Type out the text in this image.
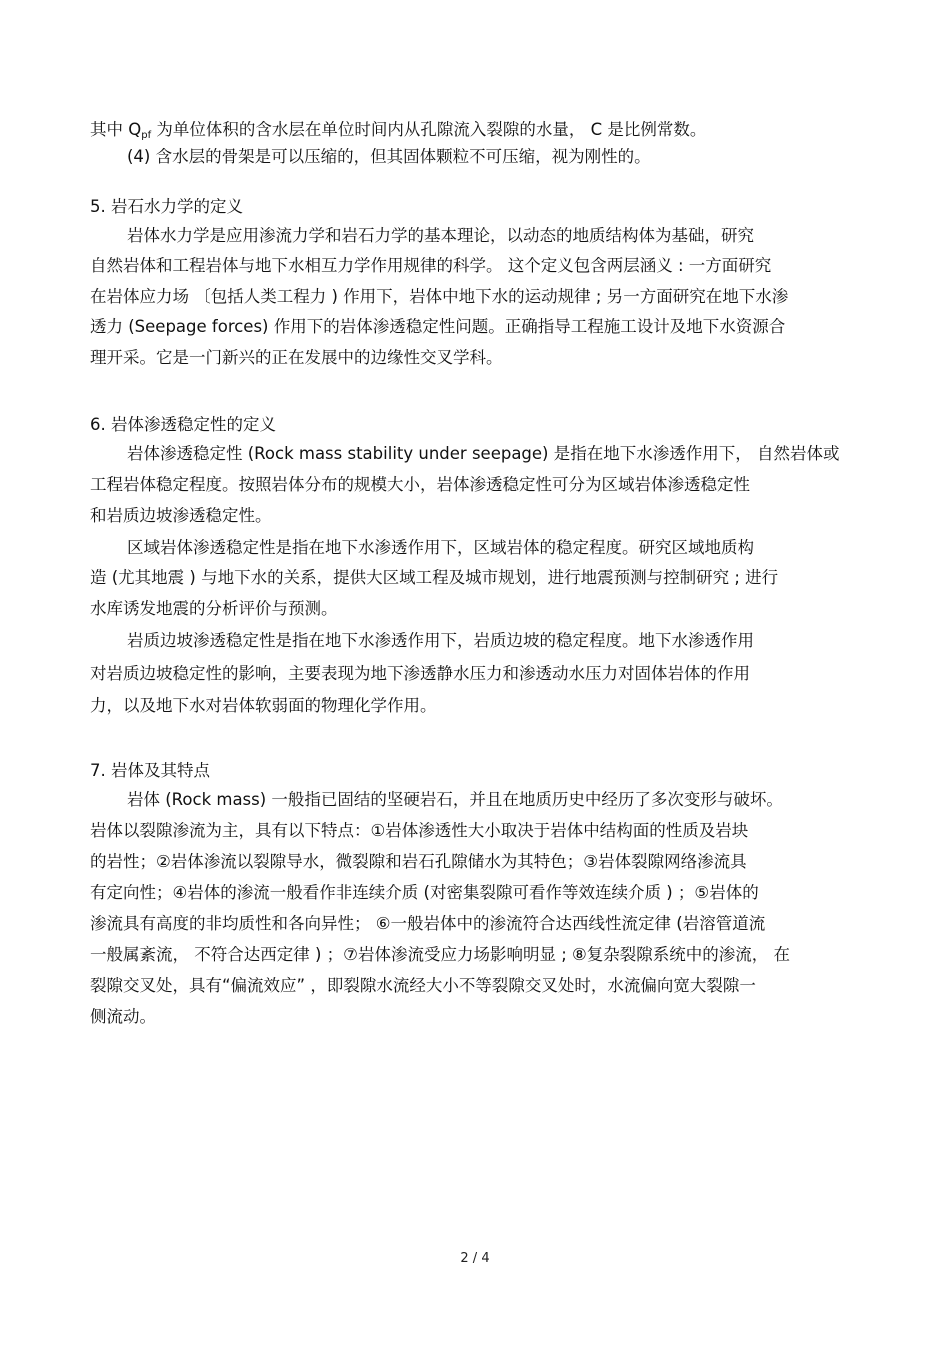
其中 $Q_{pf}$ 为单位体积的含水层在单位时间内从孔隙流入裂隙的水量， C 是比例常数。
(4) 含水层的骨架是可以压缩的，但其固体颗粒不可压缩，视为刚性的。
5. 岩石水力学的定义
岩体水力学是应用渗流力学和岩石力学的基本理论，以动态的地质结构体为基础，研究
自然岩体和工程岩体与地下水相互力学作用规律的科学。 这个定义包含两层涵义 : 一方面研究
在岩体应力场 〔包括人类工程力 ) 作用下，岩体中地下水的运动规律 ; 另一方面研究在地下水渗
透力 (Seepage forces) 作用下的岩体渗透稳定性问题。正确指导工程施工设计及地下水资源合
理开采。它是一门新兴的正在发展中的边缘性交叉学科。
6. 岩体渗透稳定性的定义
岩体渗透稳定性 (Rock mass stability under seepage) 是指在地下水渗透作用下， 自然岩体或
工程岩体稳定程度。按照岩体分布的规模大小，岩体渗透稳定性可分为区域岩体渗透稳定性
和岩质边坡渗透稳定性。
区域岩体渗透稳定性是指在地下水渗透作用下，区域岩体的稳定程度。研究区域地质构
造 (尤其地震 ) 与地下水的关系，提供大区域工程及城市规划，进行地震预测与控制研究 ; 进行
水库诱发地震的分析评价与预测。
岩质边坡渗透稳定性是指在地下水渗透作用下，岩质边坡的稳定程度。地下水渗透作用
对岩质边坡稳定性的影响，主要表现为地下渗透静水压力和渗透动水压力对固体岩体的作用
力，以及地下水对岩体软弱面的物理化学作用。
7. 岩体及其特点
岩体 (Rock mass) 一般指已固结的坚硬岩石，并且在地质历史中经历了多次变形与破坏。
岩体以裂隙渗流为主，具有以下特点：①岩体渗透性大小取决于岩体中结构面的性质及岩块
的岩性；②岩体渗流以裂隙导水，微裂隙和岩石孔隙储水为其特色；③岩体裂隙网络渗流具
有定向性；④岩体的渗流一般看作非连续介质 (对密集裂隙可看作等效连续介质 ) ；⑤岩体的
渗流具有高度的非均质性和各向异性； ⑥一般岩体中的渗流符合达西线性流定律 (岩溶管道流
一般属紊流， 不符合达西定律 ) ；⑦岩体渗流受应力场影响明显 ; ⑧复杂裂隙系统中的渗流， 在
裂隙交叉处，具有“偏流效应” ，即裂隙水流经大小不等裂隙交叉处时，水流偏向宽大裂隙一
侧流动。
2 / 4
